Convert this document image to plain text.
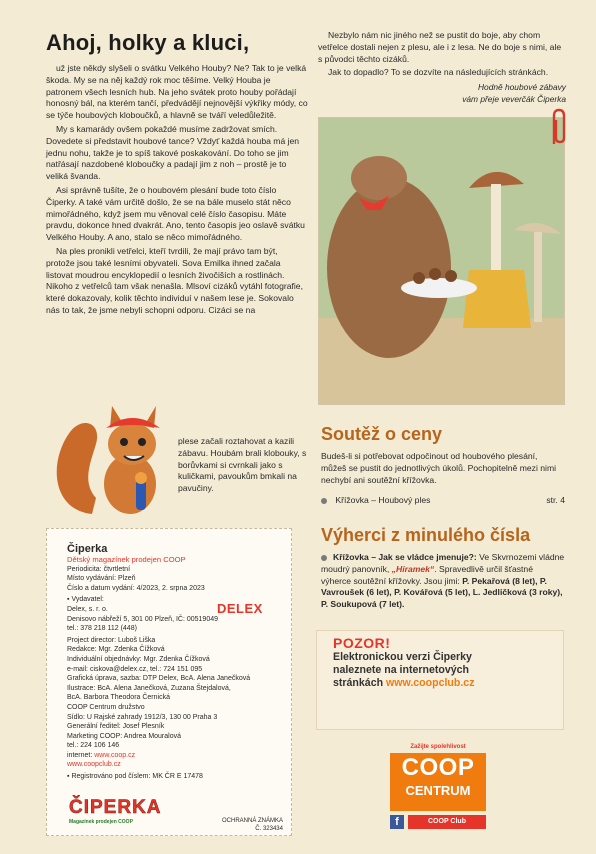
Ahoj, holky a kluci,

už jste někdy slyšeli o svátku Velkého Houby? Ne? Tak to je velká škoda. My se na něj každý rok moc těšíme. Velký Houba je patronem všech lesních hub. Na jeho svátek proto houby pořádají honosný bál, na kterém tančí, předvádějí nejnovější výkřiky módy, co se týče houbových kloboučků, a hlavně se tváří veledůležitě.

My s kamarády ovšem pokaždé musíme zadržovat smích. Dovedete si představit houbové tance? Vždyť každá houba má jen jednu nohu, takže je to spíš takové poskakování. Do toho se jim natřásají nazdobené kloboučky a padají jim z noh – prostě je to veliká švanda.

Asi správně tušíte, že o houbovém plesání bude toto číslo Čiperky. A také vám určitě došlo, že se na bále muselo stát něco mimořádného, když jsem mu věnoval celé číslo časopisu. Máte pravdu, dokonce hned dvakrát. Ano, tento časopis jeo oslavě svátku Velkého Houby. A ano, stalo se něco mimořádného.

Na ples pronikli vetřelci, kteří tvrdili, že mají právo tam být, protože jsou také lesními obyvateli. Sova Emilka ihned začala listovat moudrou encyklopedií o lesních živočiších a rostlinách. Nikoho z vetřelců tam však nenašla. Mlsoví cizáků vytáhl fotografie, které dokazovaly, kolik těchto individuí v našem lese je. Sokovalo nás to tak, že jsme nebyli schopni odporu. Cizáci se na

plese začali roztahovat a kazili zábavu. Houbám brali klobouky, s borůvkami si cvrnkali jako s kuličkami, pavoukům bmkali na pavučiny.

Nezbylo nám nic jiného než se pustit do boje, aby chom vetřelce dostali nejen z plesu, ale i z lesa. Ne do boje s nimi, ale s původci těchto cizáků.

Jak to dopadlo? To se dozvíte na následujících stránkách.

Hodně houbové zábavy

vám přeje veverčák Čiperka

Soutěž o ceny

Budeš-li si potřebovat odpočinout od houbového plesání, můžeš se pustit do jednotlivých úkolů. Pochopitelně mezi nimi nechybí ani soutěžní křížovka.

Křížovka – Houbový ples	str. 4

Výherci z minulého čísla

Křížovka – Jak se vládce jmenuje?: Ve Skvrnozemi vládne moudrý panovník, „Hiramek“. Spravedlivě určil šťastné výherce soutěžní křížovky. Jsou jimi: P. Pekařová (8 let), P. Vavroušek (6 let), P. Kovářová (5 let), L. Jedličková (3 roky), P. Soukupová (7 let).

POZOR!
Elektronickou verzi Čiperky
naleznete na internetových
stránkách www.coopclub.cz
Zažijte spolehlivost
COOP
CENTRUM
f	COOP Club
Čiperka
Dětský magazínek prodejen COOP
Periodicita: čtvrtletní
Místo vydávání: Plzeň
Číslo a datum vydání: 4/2023, 2. srpna 2023
▪ Vydavatel:
Delex, s. r. o.
Denisovo nábřeží 5, 301 00 Plzeň, IČ: 00519049
tel.: 378 218 112 (448)
Project director: Luboš Liška
Redakce: Mgr. Zdenka Čížková
Individuální objednávky: Mgr. Zdenka Čížková
e-mail: ciskova@delex.cz, tel.: 724 151 095
Grafická úprava, sazba: DTP Delex, BcA. Alena Janečková
Ilustrace: BcA. Alena Janečková, Zuzana Štejdalová,
BcA. Barbora Theodora Černická
COOP Centrum družstvo
Sídlo: U Rajské zahrady 1912/3, 130 00 Praha 3
Generální ředitel: Josef Plesník
Marketing COOP: Andrea Mouralová
tel.: 224 106 146
internet: www.coop.cz
www.coopclub.cz
▪ Registrováno pod číslem: MK ČR E 17478
DELEX
ČIPERKA
Magazínek prodejen COOP	OCHRANNÁ ZNÁMKA
Č. 323434
